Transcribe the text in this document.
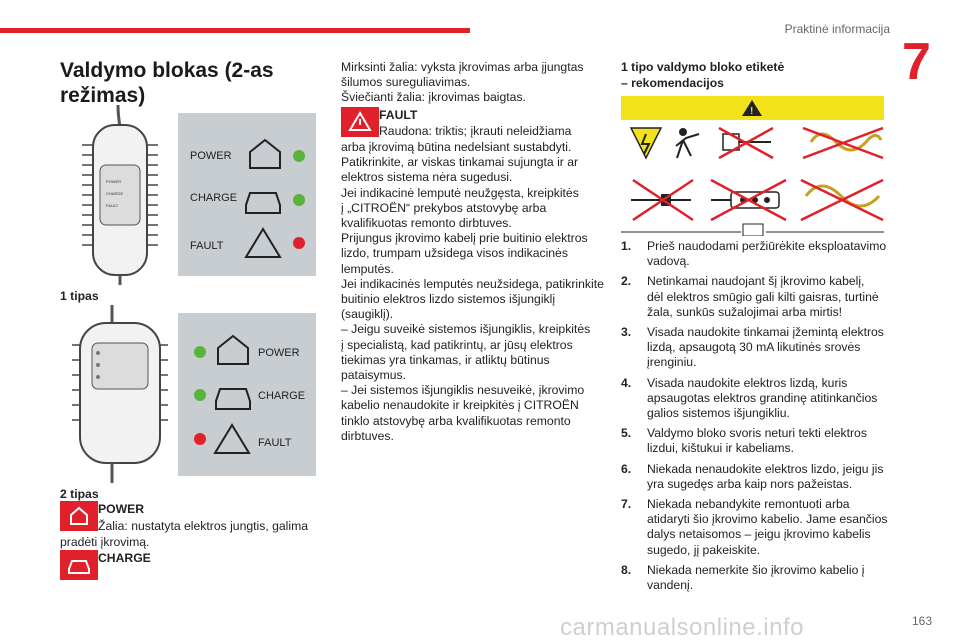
Praktinė informacija
7
Valdymo blokas (2-as režimas)
POWER
CHARGE
FAULT
POWER
CHARGE
FAULT
1 tipas
POWER
CHARGE
FAULT
2 tipas
POWER
Žalia: nustatyta elektros jungtis, galima
pradėti įkrovimą.
CHARGE
Mirksinti žalia: vyksta įkrovimas arba įjungtas
šilumos sureguliavimas.
Šviečianti žalia: įkrovimas baigtas.
FAULT
Raudona: triktis; įkrauti neleidžiama
arba įkrovimą būtina nedelsiant sustabdyti.
Patikrinkite, ar viskas tinkamai sujungta ir ar
elektros sistema nėra sugedusi.
Jei indikacinė lemputė neužgęsta, kreipkitės
į „CITROËN“ prekybos atstovybę arba
kvalifikuotas remonto dirbtuves.
Prijungus įkrovimo kabelį prie buitinio elektros
lizdo, trumpam užsidega visos indikacinės
lemputės.
Jei indikacinės lemputės neužsidega, patikrinkite
buitinio elektros lizdo sistemos išjungiklį
(saugiklį).
– Jeigu suveikė sistemos išjungiklis, kreipkitės
į specialistą, kad patikrintų, ar jūsų elektros
tiekimas yra tinkamas, ir atliktų būtinus
pataisymus.
– Jei sistemos išjungiklis nesuveikė, įkrovimo
kabelio nenaudokite ir kreipkitės į CITROËN
tinklo atstovybę arba kvalifikuotas remonto
dirbtuves.
1 tipo valdymo bloko etiketė
– rekomendacijos
!
1. Prieš naudodami peržiūrėkite eksploatavimo
vadovą.
2. Netinkamai naudojant šį įkrovimo kabelį,
dėl elektros smūgio gali kilti gaisras, turtinė
žala, sunkūs sužalojimai arba mirtis!
3. Visada naudokite tinkamai įžemintą elektros
lizdą, apsaugotą 30 mA likutinės srovės
įrenginiu.
4. Visada naudokite elektros lizdą, kuris
apsaugotas elektros grandinę atitinkančios
galios sistemos išjungikliu.
5. Valdymo bloko svoris neturi tekti elektros
lizdui, kištukui ir kabeliams.
6. Niekada nenaudokite elektros lizdo, jeigu jis
yra sugedęs arba kaip nors pažeistas.
7. Niekada nebandykite remontuoti arba
atidaryti šio įkrovimo kabelio. Jame esančios
dalys netaisomos – jeigu įkrovimo kabelis
sugedo, jį pakeiskite.
8. Niekada nemerkite šio įkrovimo kabelio į
vandenį.
carmanualsonline.info	163
